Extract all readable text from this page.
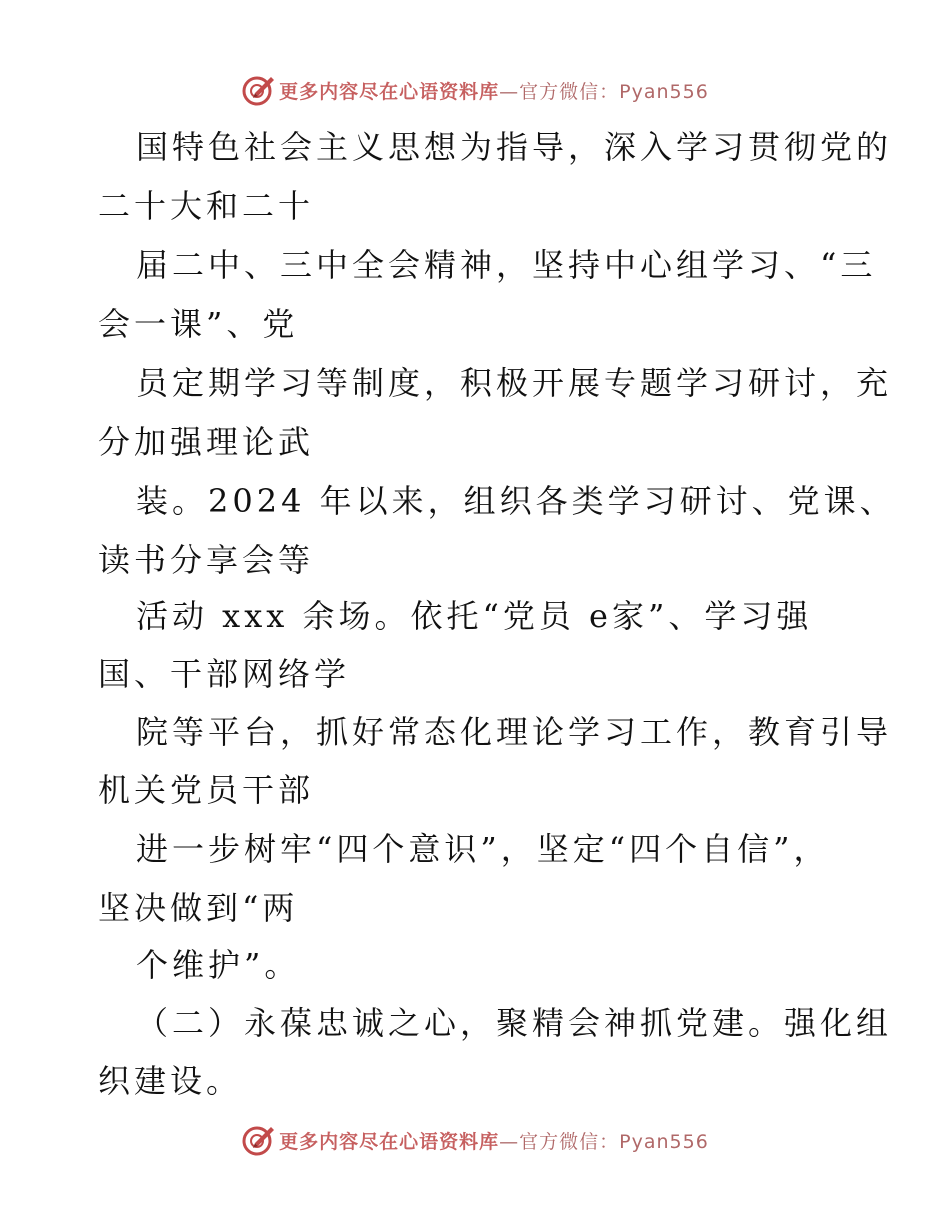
更多内容尽在心语资料库—官方微信：Pyan556
国特色社会主义思想为指导，深入学习贯彻党的
二十大和二十
届二中、三中全会精神，坚持中心组学习、“三
会一课”、党
员定期学习等制度，积极开展专题学习研讨，充
分加强理论武
装。2024 年以来，组织各类学习研讨、党课、
读书分享会等
活动 xxx 余场。依托“党员 e家”、学习强
国、干部网络学
院等平台，抓好常态化理论学习工作，教育引导
机关党员干部
进一步树牢“四个意识”，坚定“四个自信”，
坚决做到“两
个维护”。
（二）永葆忠诚之心，聚精会神抓党建。强化组
织建设。
更多内容尽在心语资料库—官方微信：Pyan556
